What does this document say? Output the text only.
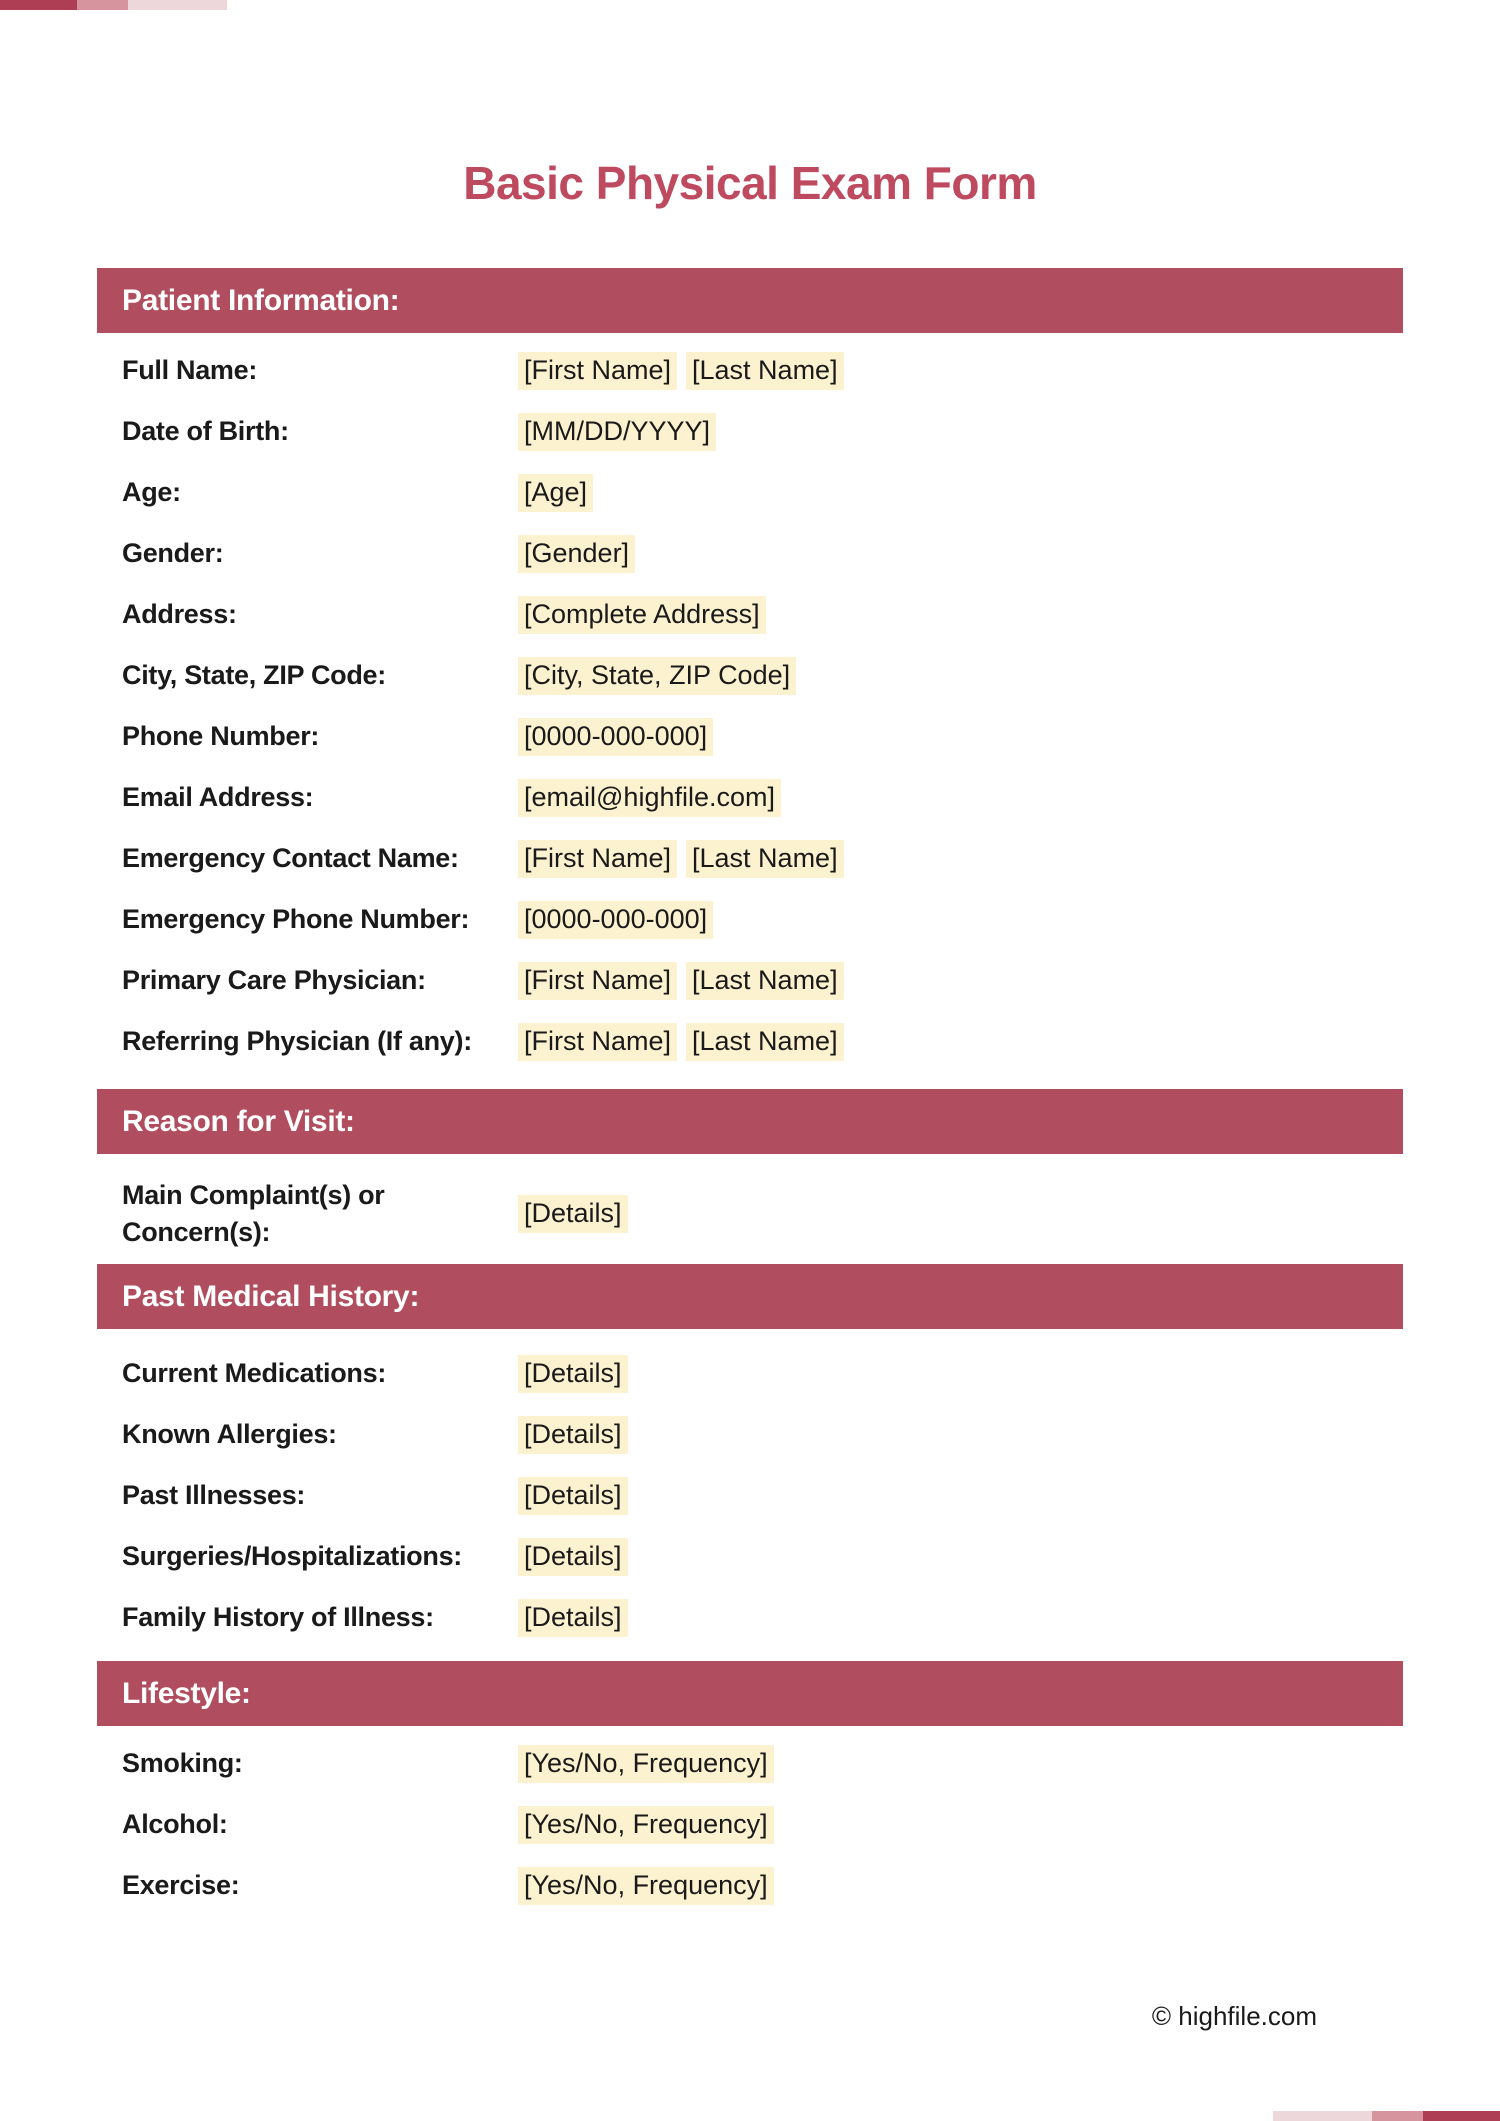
Basic Physical Exam Form
Patient Information:
Full Name:	[First Name] [Last Name]
Date of Birth:	[MM/DD/YYYY]
Age:	[Age]
Gender:	[Gender]
Address:	[Complete Address]
City, State, ZIP Code:	[City, State, ZIP Code]
Phone Number:	[0000-000-000]
Email Address:	[email@highfile.com]
Emergency Contact Name:	[First Name] [Last Name]
Emergency Phone Number:	[0000-000-000]
Primary Care Physician:	[First Name] [Last Name]
Referring Physician (If any):	[First Name] [Last Name]
Reason for Visit:
Main Complaint(s) or Concern(s):
[Details]
Past Medical History:
Current Medications:	[Details]
Known Allergies:	[Details]
Past Illnesses:	[Details]
Surgeries/Hospitalizations:	[Details]
Family History of Illness:	[Details]
Lifestyle:
Smoking:	[Yes/No, Frequency]
Alcohol:	[Yes/No, Frequency]
Exercise:	[Yes/No, Frequency]
© highfile.com
